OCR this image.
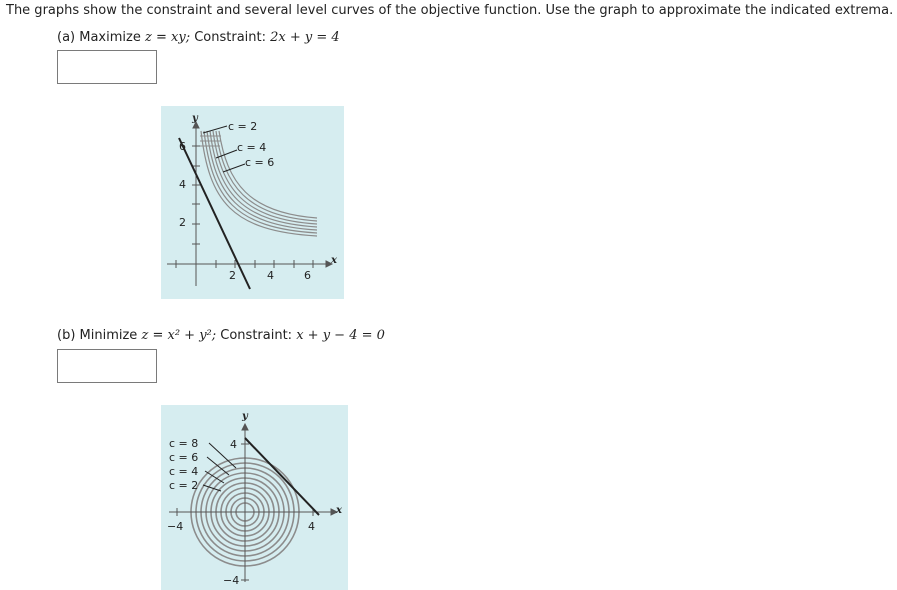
The graphs show the constraint and several level curves of the objective function. Use the graph to approximate the indicated extrema.
(a) Maximize z = xy; Constraint: 2x + y = 4
y
x
2	4	6
2
4
6
c = 2
c = 4
c = 6
(b) Minimize z = x² + y²; Constraint: x + y − 4 = 0
y
x
−4	4
4
−4
c = 8
c = 6
c = 4
c = 2
